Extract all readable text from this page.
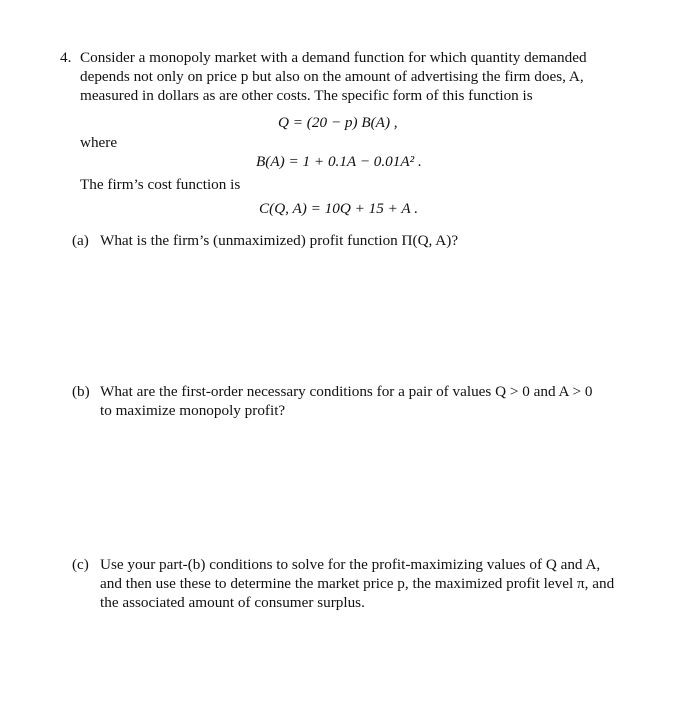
4. Consider a monopoly market with a demand function for which quantity demanded
depends not only on price p but also on the amount of advertising the firm does, A,
measured in dollars as are other costs. The specific form of this function is
Q = (20 − p) B(A) ,
where
B(A) = 1 + 0.1A − 0.01A² .
The firm’s cost function is
C(Q, A) = 10Q + 15 + A .
(a) What is the firm’s (unmaximized) profit function Π(Q, A)?
(b) What are the first-order necessary conditions for a pair of values Q > 0 and A > 0
to maximize monopoly profit?
(c) Use your part-(b) conditions to solve for the profit-maximizing values of Q and A,
and then use these to determine the market price p, the maximized profit level π, and
the associated amount of consumer surplus.
